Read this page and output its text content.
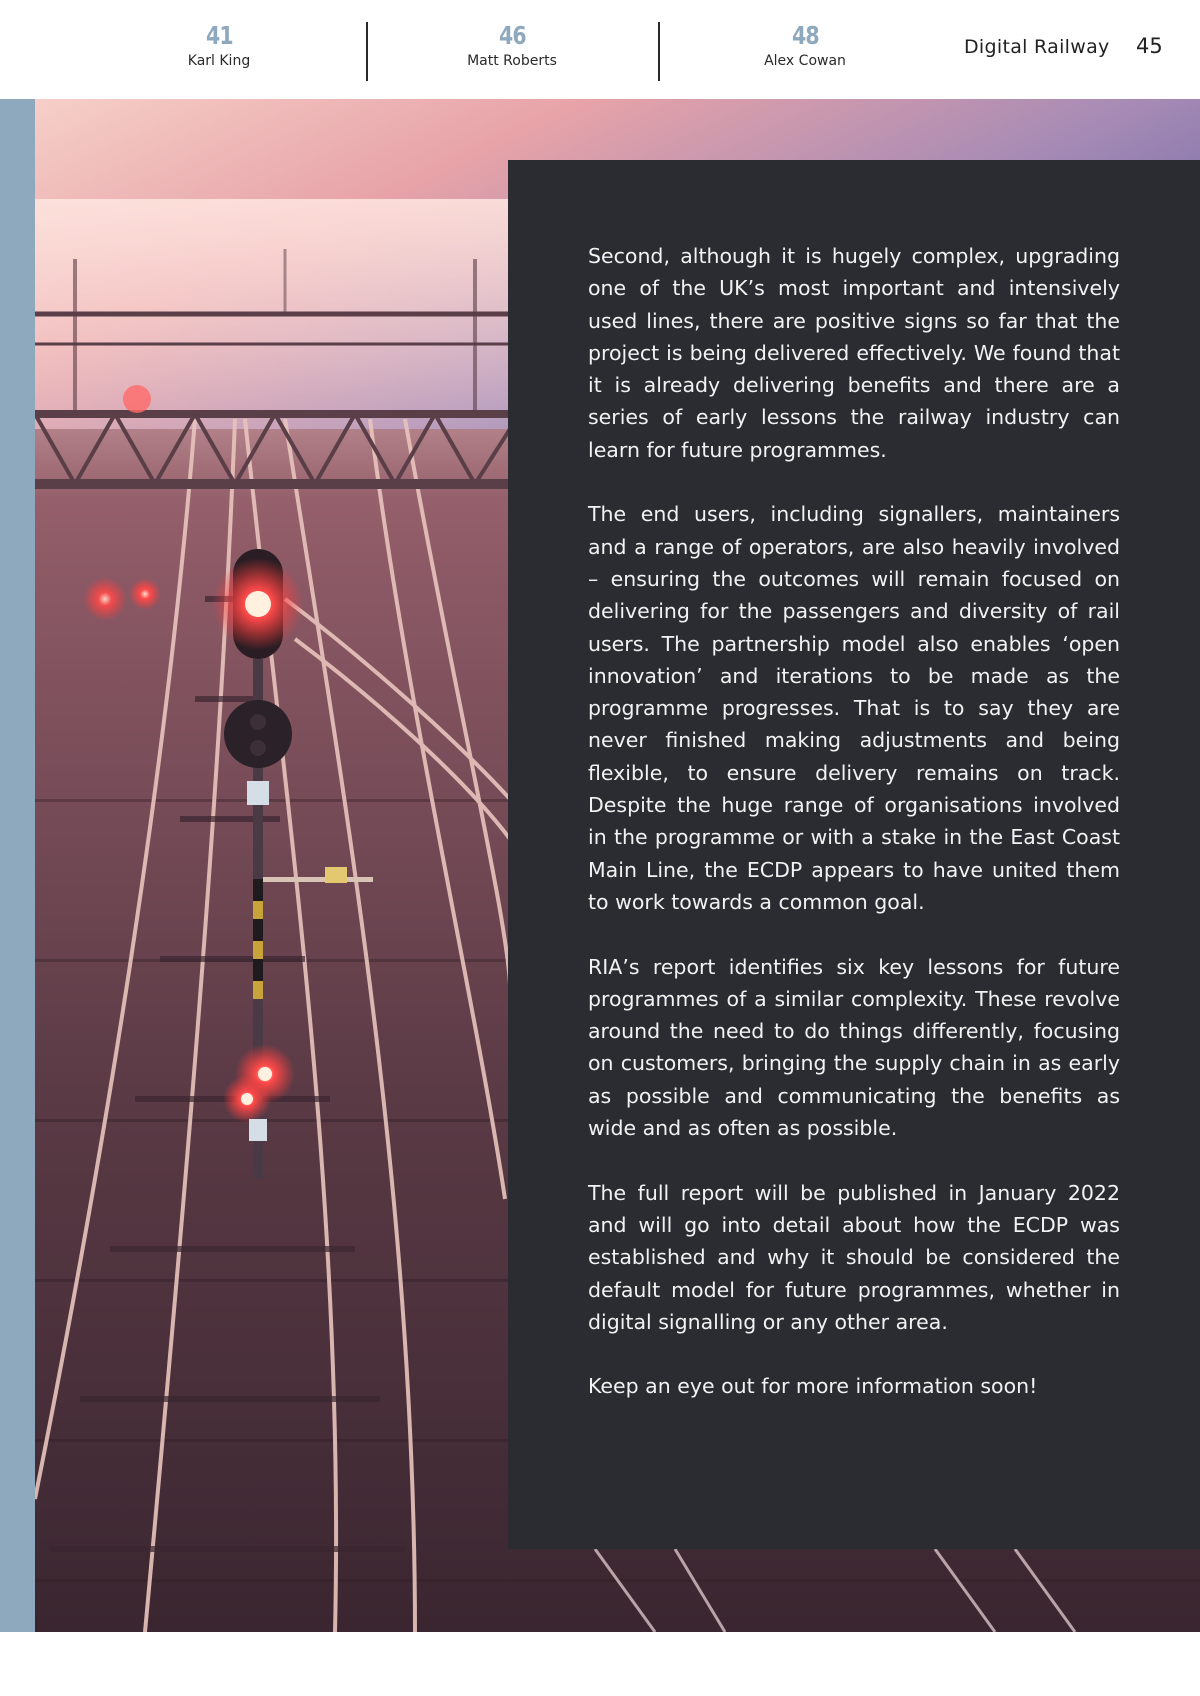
41
Karl King
46
Matt Roberts
48
Alex Cowan
Digital Railway 45

Second, although it is hugely complex, upgrading one of the UK’s most important and intensively used lines, there are positive signs so far that the project is being delivered effectively. We found that it is already delivering benefits and there are a series of early lessons the railway industry can learn for future programmes.

The end users, including signallers, maintainers and a range of operators, are also heavily involved – ensuring the outcomes will remain focused on delivering for the passengers and diversity of rail users. The partnership model also enables ‘open innovation’ and iterations to be made as the programme progresses. That is to say they are never finished making adjustments and being flexible, to ensure delivery remains on track. Despite the huge range of organisations involved in the programme or with a stake in the East Coast Main Line, the ECDP appears to have united them to work towards a common goal.

RIA’s report identifies six key lessons for future programmes of a similar complexity. These revolve around the need to do things differently, focusing on customers, bringing the supply chain in as early as possible and communicating the benefits as wide and as often as possible.

The full report will be published in January 2022 and will go into detail about how the ECDP was established and why it should be considered the default model for future programmes, whether in digital signalling or any other area.

Keep an eye out for more information soon!
